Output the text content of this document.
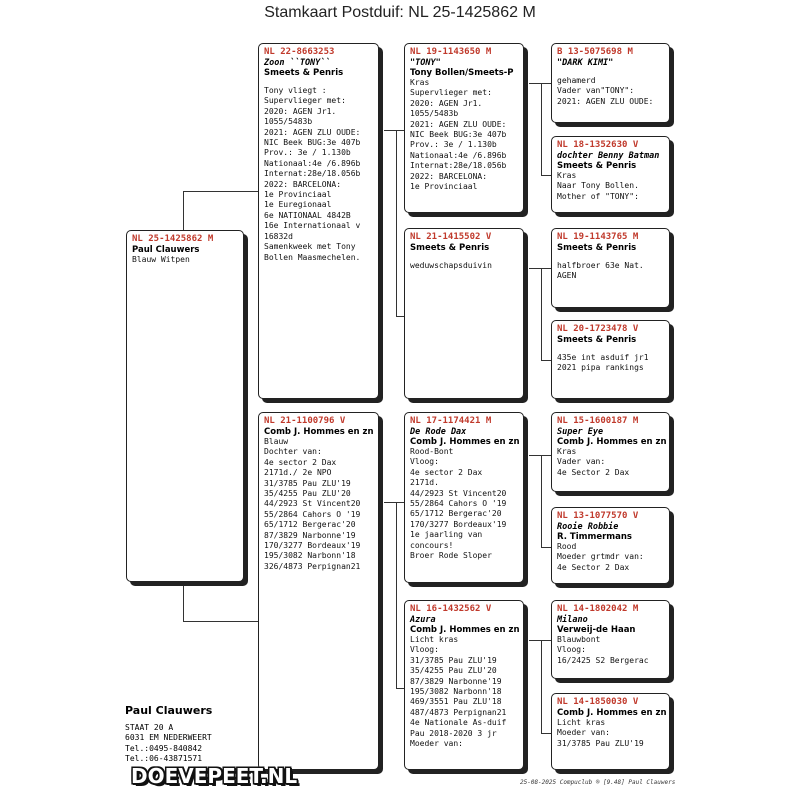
Stamkaart Postduif: NL 25-1425862 M
NL 25-1425862 M
Paul Clauwers
Blauw Witpen
NL 22-8663253
Zoon ``TONY``
Smeets & Penris
Tony vliegt :
Supervlieger met:
2020: AGEN Jr1.
1055/5483b
2021: AGEN ZLU OUDE:
NIC Beek BUG:3e 407b
Prov.: 3e / 1.130b
Nationaal:4e /6.896b
Internat:28e/18.056b
2022: BARCELONA:
1e Provinciaal
1e Euregionaal
6e NATIONAAL 4842B
16e Internationaal v
16832d
Samenkweek met Tony
Bollen Maasmechelen.
NL 21-1100796 V
Comb J. Hommes en zn
Blauw
Dochter van:
4e sector 2 Dax
2171d./ 2e NPO
31/3785 Pau ZLU'19
35/4255 Pau ZLU'20
44/2923 St Vincent20
55/2864 Cahors O '19
65/1712 Bergerac'20
87/3829 Narbonne'19
170/3277 Bordeaux'19
195/3082 Narbonn'18
326/4873 Perpignan21
NL 19-1143650 M
"TONY"
Tony Bollen/Smeets-P
Kras
Supervlieger met:
2020: AGEN Jr1.
1055/5483b
2021: AGEN ZLU OUDE:
NIC Beek BUG:3e 407b
Prov.: 3e / 1.130b
Nationaal:4e /6.896b
Internat:28e/18.056b
2022: BARCELONA:
1e Provinciaal
NL 21-1415502 V
Smeets & Penris
weduwschapsduivin
NL 17-1174421 M
De Rode Dax
Comb J. Hommes en zn
Rood-Bont
Vloog:
4e sector 2 Dax
2171d.
44/2923 St Vincent20
55/2864 Cahors O '19
65/1712 Bergerac'20
170/3277 Bordeaux'19
1e jaarling van
concours!
Broer Rode Sloper
NL 16-1432562 V
Azura
Comb J. Hommes en zn
Licht kras
Vloog:
31/3785 Pau ZLU'19
35/4255 Pau ZLU'20
87/3829 Narbonne'19
195/3082 Narbonn'18
469/3551 Pau ZLU'18
487/4873 Perpignan21
4e Nationale As-duif
Pau 2018-2020 3 jr
Moeder van:
B 13-5075698 M
"DARK KIMI"
gehamerd
Vader van"TONY":
2021: AGEN ZLU OUDE:
NL 18-1352630 V
dochter Benny Batman
Smeets & Penris
Kras
Naar Tony Bollen.
Mother of "TONY":
NL 19-1143765 M
Smeets & Penris
halfbroer 63e Nat.
AGEN
NL 20-1723478 V
Smeets & Penris
435e int asduif jr1
2021 pipa rankings
NL 15-1600187 M
Super Eye
Comb J. Hommes en zn
Kras
Vader van:
4e Sector 2 Dax
NL 13-1077570 V
Rooie Robbie
R. Timmermans
Rood
Moeder grtmdr van:
4e Sector 2 Dax
NL 14-1802042 M
Milano
Verweij-de Haan
Blauwbont
Vloog:
16/2425 S2 Bergerac
NL 14-1850030 V
Comb J. Hommes en zn
Licht kras
Moeder van:
31/3785 Pau ZLU'19
Paul Clauwers
STAAT 20 A
6031 EM NEDERWEERT
Tel.:0495-840842
Tel.:06-43871571
DOEVEPEET.NL	25-08-2025 Compuclub ® [9.48] Paul Clauwers
